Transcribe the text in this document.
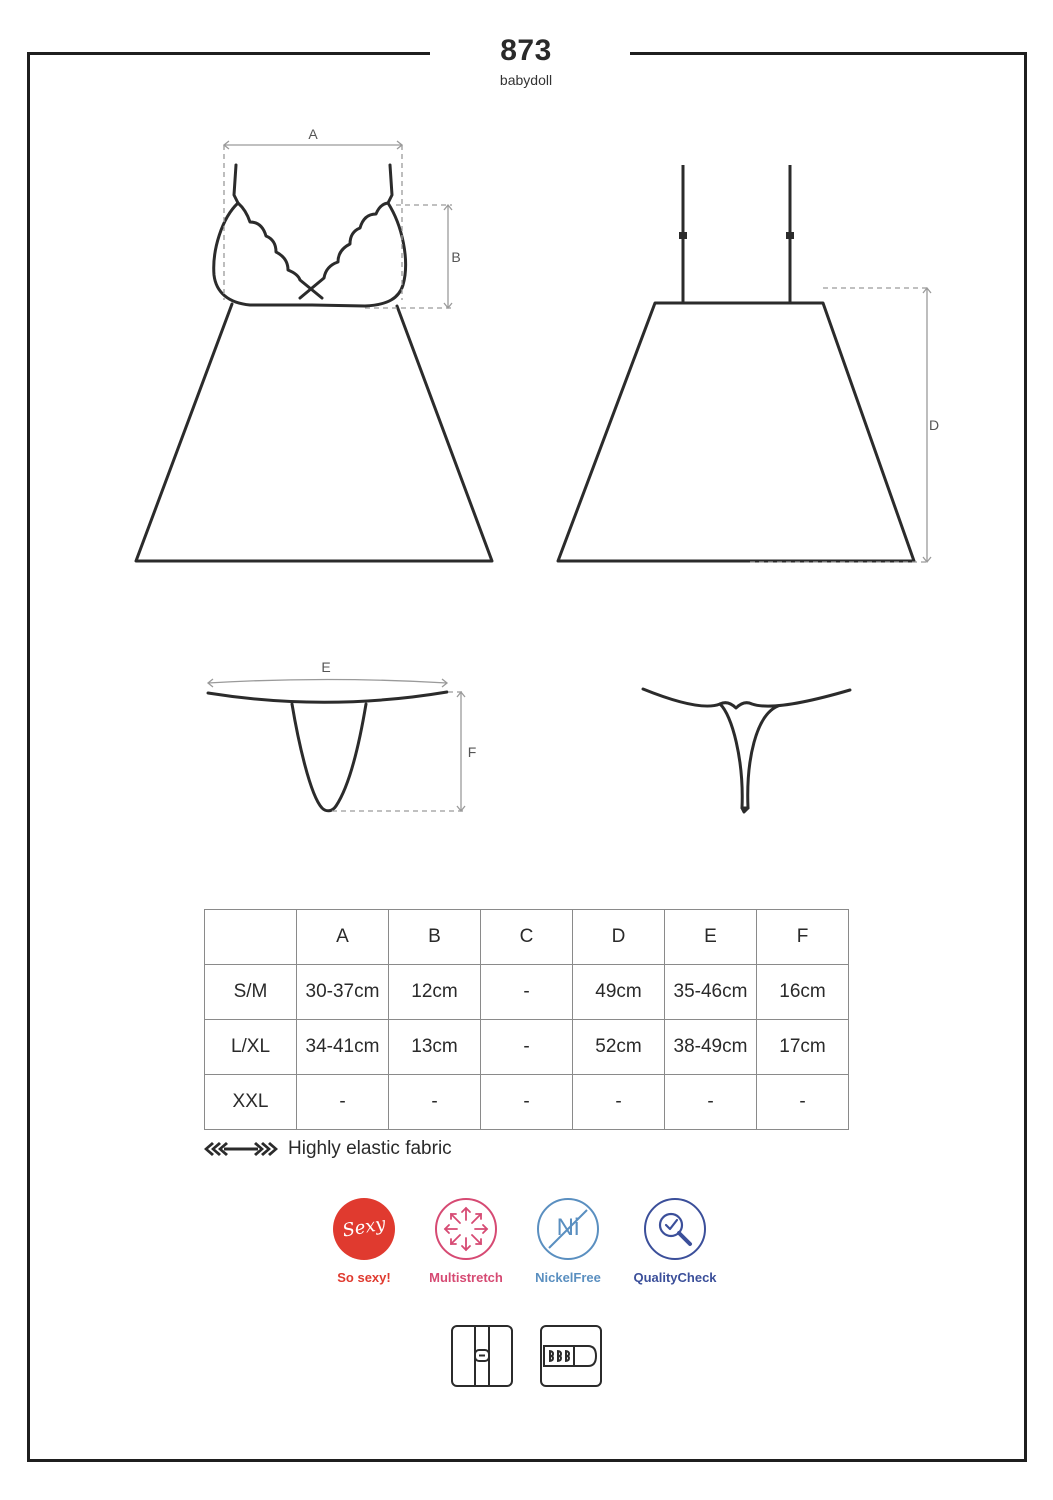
873
babydoll
A
B
D
E
F
	A	B	C	D	E	F
S/M	30-37cm	12cm	-	49cm	35-46cm	16cm
L/XL	34-41cm	13cm	-	52cm	38-49cm	17cm
XXL	-	-	-	-	-	-
Highly elastic fabric
Sexy
So sexy!	Multistretch
Ni
NickelFree	QualityCheck
